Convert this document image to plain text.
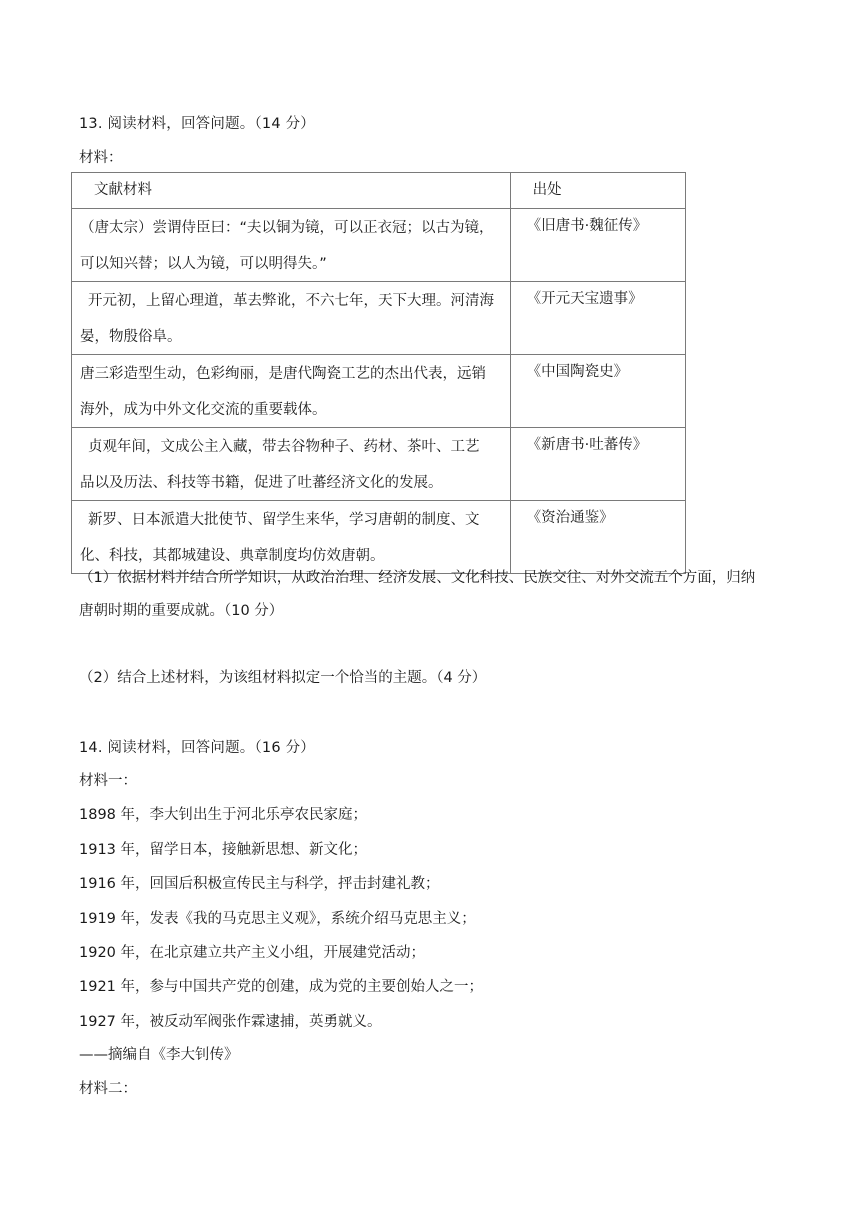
13. 阅读材料，回答问题。（14 分）
材料：
文献材料	出处

（唐太宗）尝谓侍臣曰：“夫以铜为镜，可以正衣冠；以古为镜，
可以知兴替；以人为镜，可以明得失。”	《旧唐书·魏征传》

开元初，上留心理道，革去弊讹，不六七年，天下大理。河清海
晏，物殷俗阜。	《开元天宝遗事》

唐三彩造型生动，色彩绚丽，是唐代陶瓷工艺的杰出代表，远销
海外，成为中外文化交流的重要载体。	《中国陶瓷史》

贞观年间，文成公主入藏，带去谷物种子、药材、茶叶、工艺
品以及历法、科技等书籍，促进了吐蕃经济文化的发展。	《新唐书·吐蕃传》

新罗、日本派遣大批使节、留学生来华，学习唐朝的制度、文
化、科技，其都城建设、典章制度均仿效唐朝。	《资治通鉴》
（1）依据材料并结合所学知识，从政治治理、经济发展、文化科技、民族交往、对外交流五个方面，归纳
唐朝时期的重要成就。（10 分）
（2）结合上述材料，为该组材料拟定一个恰当的主题。（4 分）
14. 阅读材料，回答问题。（16 分）
材料一：
1898 年，李大钊出生于河北乐亭农民家庭；
1913 年，留学日本，接触新思想、新文化；
1916 年，回国后积极宣传民主与科学，抨击封建礼教；
1919 年，发表《我的马克思主义观》，系统介绍马克思主义；
1920 年，在北京建立共产主义小组，开展建党活动；
1921 年，参与中国共产党的创建，成为党的主要创始人之一；
1927 年，被反动军阀张作霖逮捕，英勇就义。
——摘编自《李大钊传》
材料二：
